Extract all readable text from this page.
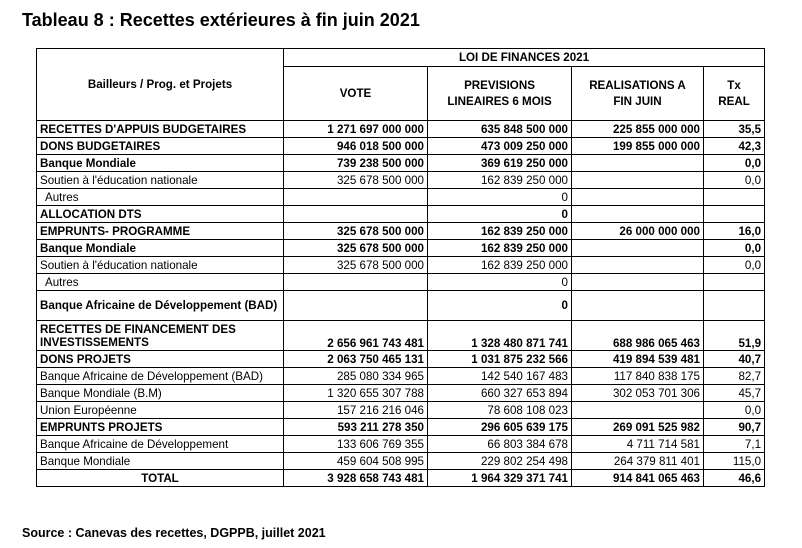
Tableau 8 : Recettes extérieures à fin juin 2021
Bailleurs / Prog. et Projets	LOI DE FINANCES 2021			
	VOTE	PREVISIONS LINEAIRES 6 MOIS	REALISATIONS A FIN JUIN	Tx REAL
RECETTES D'APPUIS BUDGETAIRES	1 271 697 000 000	635 848 500 000	225 855 000 000	35,5
DONS BUDGETAIRES	946 018 500 000	473 009 250 000	199 855 000 000	42,3
Banque Mondiale	739 238 500 000	369 619 250 000		0,0
Soutien à l'éducation nationale	325 678 500 000	162 839 250 000		0,0
Autres		0		
ALLOCATION DTS		0		
EMPRUNTS- PROGRAMME	325 678 500 000	162 839 250 000	26 000 000 000	16,0
Banque Mondiale	325 678 500 000	162 839 250 000		0,0
Soutien à l'éducation nationale	325 678 500 000	162 839 250 000		0,0
Autres		0		
Banque Africaine de Développement (BAD)		0		
RECETTES DE FINANCEMENT DES INVESTISSEMENTS	2 656 961 743 481	1 328 480 871 741	688 986 065 463	51,9
DONS PROJETS	2 063 750 465 131	1 031 875 232 566	419 894 539 481	40,7
Banque Africaine de Développement (BAD)	285 080 334 965	142 540 167 483	117 840 838 175	82,7
Banque Mondiale (B.M)	1 320 655 307 788	660 327 653 894	302 053 701 306	45,7
Union Européenne	157 216 216 046	78 608 108 023		0,0
EMPRUNTS PROJETS	593 211 278 350	296 605 639 175	269 091 525 982	90,7
Banque Africaine de Développement	133 606 769 355	66 803 384 678	4 711 714 581	7,1
Banque Mondiale	459 604 508 995	229 802 254 498	264 379 811 401	115,0
TOTAL	3 928 658 743 481	1 964 329 371 741	914 841 065 463	46,6
Source : Canevas des recettes, DGPPB, juillet 2021
